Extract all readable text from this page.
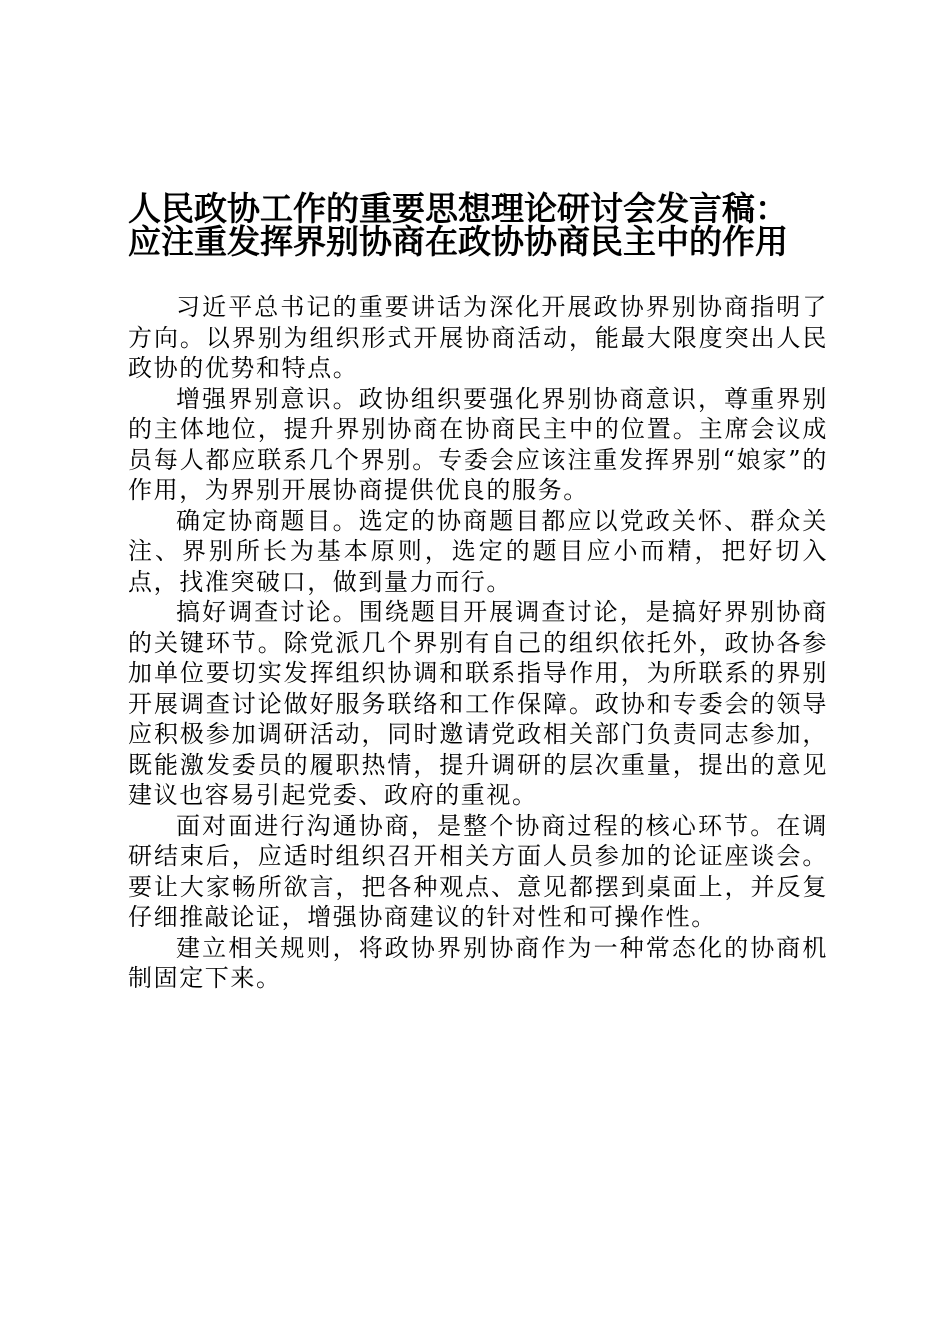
人民政协工作的重要思想理论研讨会发言稿：
应注重发挥界别协商在政协协商民主中的作用

习近平总书记的重要讲话为深化开展政协界别协商指明了方向。以界别为组织形式开展协商活动，能最大限度突出人民政协的优势和特点。

增强界别意识。政协组织要强化界别协商意识，尊重界别的主体地位，提升界别协商在协商民主中的位置。主席会议成员每人都应联系几个界别。专委会应该注重发挥界别“娘家”的作用，为界别开展协商提供优良的服务。

确定协商题目。选定的协商题目都应以党政关怀、群众关注、界别所长为基本原则，选定的题目应小而精，把好切入点，找准突破口，做到量力而行。

搞好调查讨论。围绕题目开展调查讨论，是搞好界别协商的关键环节。除党派几个界别有自己的组织依托外，政协各参加单位要切实发挥组织协调和联系指导作用，为所联系的界别开展调查讨论做好服务联络和工作保障。政协和专委会的领导应积极参加调研活动，同时邀请党政相关部门负责同志参加，既能激发委员的履职热情，提升调研的层次重量，提出的意见建议也容易引起党委、政府的重视。

面对面进行沟通协商，是整个协商过程的核心环节。在调研结束后，应适时组织召开相关方面人员参加的论证座谈会。要让大家畅所欲言，把各种观点、意见都摆到桌面上，并反复仔细推敲论证，增强协商建议的针对性和可操作性。

建立相关规则，将政协界别协商作为一种常态化的协商机制固定下来。
